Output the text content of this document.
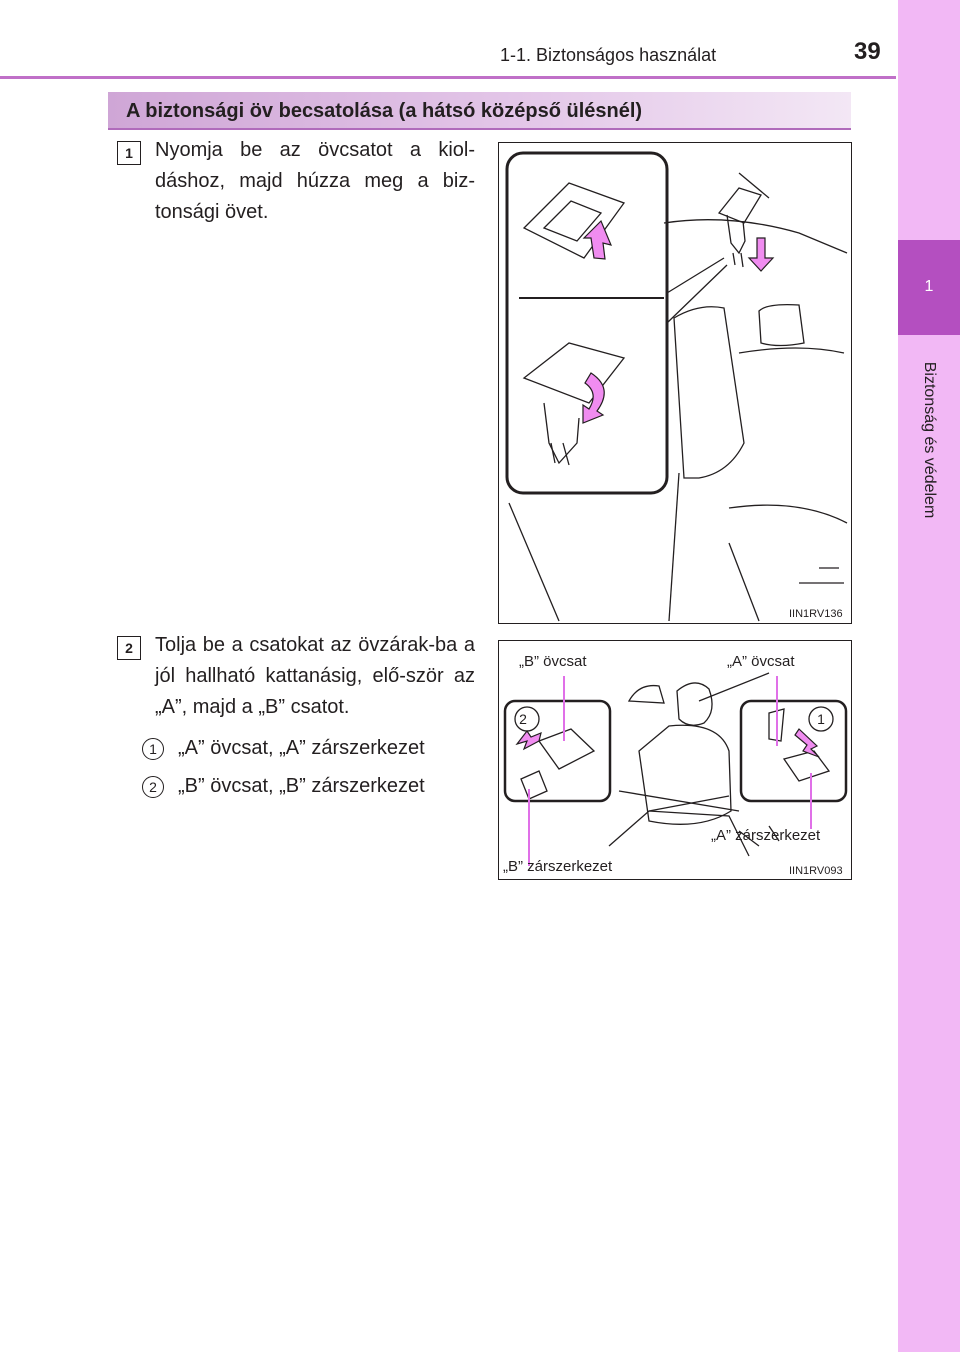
1-1. Biztonságos használat	39
1
Biztonság és védelem
A biztonsági öv becsatolása (a hátsó középső ülésnél)
1	Nyomja be az övcsatot a kiol-dáshoz, majd húzza meg a biz-tonsági övet.
2	Tolja be a csatokat az övzárak-ba a jól hallható kattanásig, elő-ször az „A”, majd a „B” csatot.
1 „A” övcsat, „A” zárszerkezet
2 „B” övcsat, „B” zárszerkezet
IIN1RV136
2	1
„B” övcsat	„A” övcsat
„A” zárszerkezet
„B” zárszerkezet	IIN1RV093
